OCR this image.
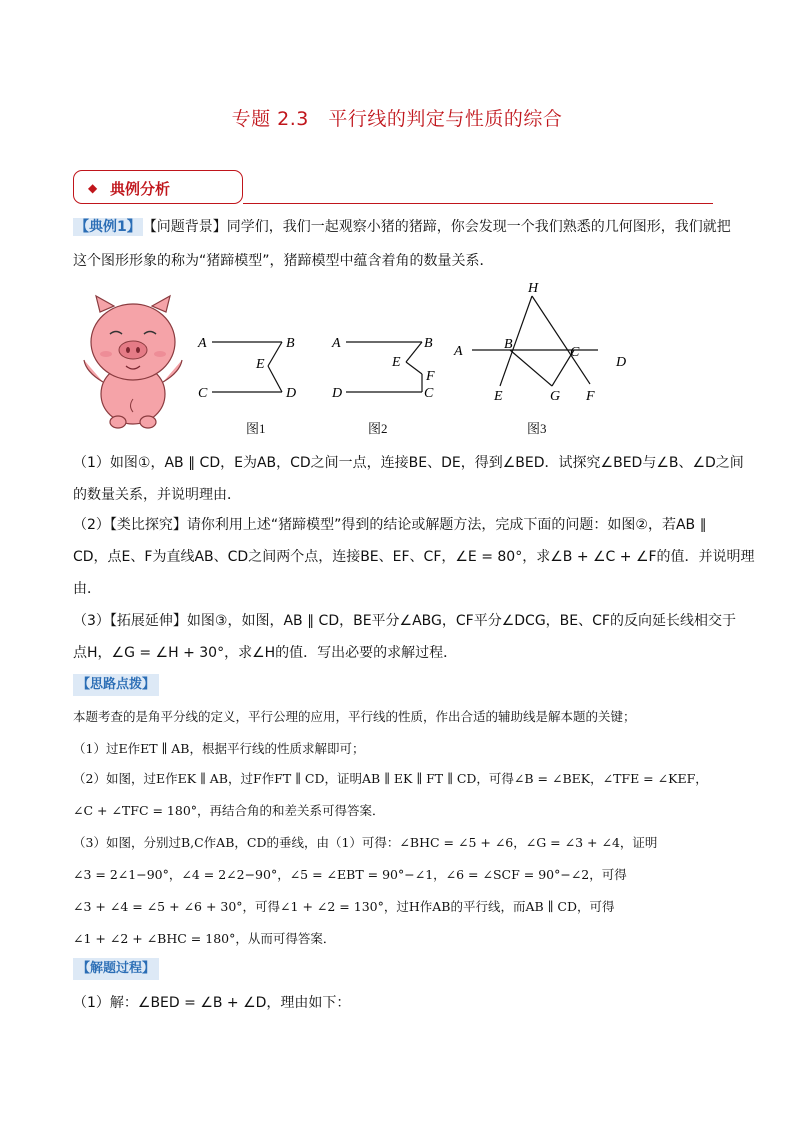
专题 2.3　平行线的判定与性质的综合
◆ 典例分析
【典例1】 【问题背景】同学们，我们一起观察小猪的猪蹄，你会发现一个我们熟悉的几何图形，我们就把
这个图形形象的称为“猪蹄模型”，猪蹄模型中蕴含着角的数量关系．
A	B
E
C	D
图1
A	B
E
F
D	C
图2
H
A	B
C
D
E	G F
图3
（1）如图①，AB ∥ CD，E为AB，CD之间一点，连接BE、DE，得到∠BED．试探究∠BED与∠B、∠D之间
的数量关系，并说明理由．
（2）【类比探究】请你利用上述“猪蹄模型”得到的结论或解题方法，完成下面的问题：如图②，若AB ∥
CD，点E、F为直线AB、CD之间两个点，连接BE、EF、CF，∠E = 80°，求∠B + ∠C + ∠F的值．并说明理
由．
（3）【拓展延伸】如图③，如图，AB ∥ CD，BE平分∠ABG，CF平分∠DCG，BE、CF的反向延长线相交于
点H，∠G = ∠H + 30°，求∠H的值．写出必要的求解过程．
【思路点拨】
本题考查的是角平分线的定义，平行公理的应用，平行线的性质，作出合适的辅助线是解本题的关键；
（1）过E作ET ∥ AB，根据平行线的性质求解即可；
（2）如图，过E作EK ∥ AB，过F作FT ∥ CD，证明AB ∥ EK ∥ FT ∥ CD，可得∠B = ∠BEK，∠TFE = ∠KEF，
∠C + ∠TFC = 180°，再结合角的和差关系可得答案．
（3）如图，分别过B,C作AB，CD的垂线，由（1）可得：∠BHC = ∠5 + ∠6，∠G = ∠3 + ∠4，证明
∠3 = 2∠1−90°，∠4 = 2∠2−90°，∠5 = ∠EBT = 90°−∠1，∠6 = ∠SCF = 90°−∠2，可得
∠3 + ∠4 = ∠5 + ∠6 + 30°，可得∠1 + ∠2 = 130°，过H作AB的平行线，而AB ∥ CD，可得
∠1 + ∠2 + ∠BHC = 180°，从而可得答案．
【解题过程】
（1）解：∠BED = ∠B + ∠D，理由如下：
